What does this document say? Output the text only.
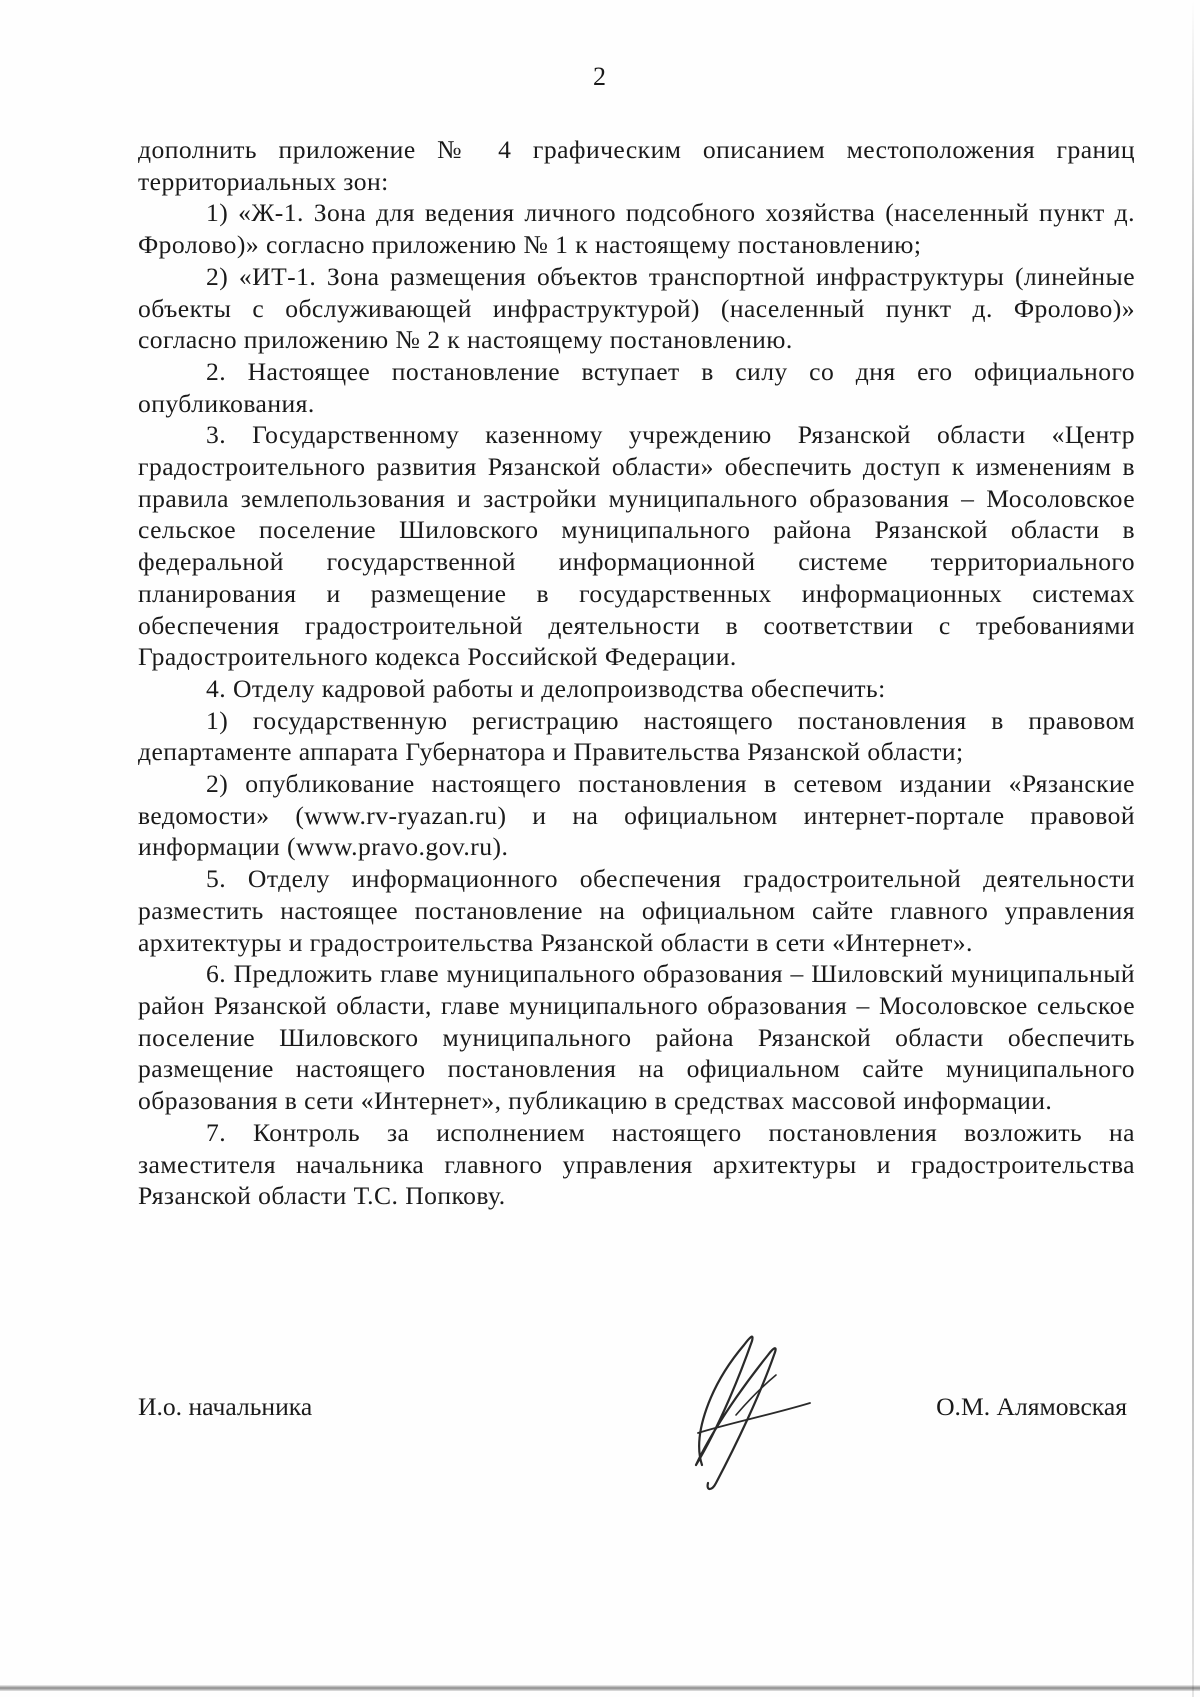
2

дополнить приложение № 4 графическим описанием местоположения границ территориальных зон:

1) «Ж-1. Зона для ведения личного подсобного хозяйства (населенный пункт д. Фролово)» согласно приложению № 1 к настоящему постановлению;

2) «ИТ-1. Зона размещения объектов транспортной инфраструктуры (линейные объекты с обслуживающей инфраструктурой) (населенный пункт д. Фролово)» согласно приложению № 2 к настоящему постановлению.

2. Настоящее постановление вступает в силу со дня его официального опубликования.

3. Государственному казенному учреждению Рязанской области «Центр градостроительного развития Рязанской области» обеспечить доступ к изменениям в правила землепользования и застройки муниципального образования – Мосоловское сельское поселение Шиловского муниципального района Рязанской области в федеральной государственной информационной системе территориального планирования и размещение в государственных информационных системах обеспечения градостроительной деятельности в соответствии с требованиями Градостроительного кодекса Российской Федерации.

4. Отделу кадровой работы и делопроизводства обеспечить:

1) государственную регистрацию настоящего постановления в правовом департаменте аппарата Губернатора и Правительства Рязанской области;

2) опубликование настоящего постановления в сетевом издании «Рязанские ведомости» (www.rv-ryazan.ru) и на официальном интернет-портале правовой информации (www.pravo.gov.ru).

5. Отделу информационного обеспечения градостроительной деятельности разместить настоящее постановление на официальном сайте главного управления архитектуры и градостроительства Рязанской области в сети «Интернет».

6. Предложить главе муниципального образования – Шиловский муниципальный район Рязанской области, главе муниципального образования – Мосоловское сельское поселение Шиловского муниципального района Рязанской области обеспечить размещение настоящего постановления на официальном сайте муниципального образования в сети «Интернет», публикацию в средствах массовой информации.

7. Контроль за исполнением настоящего постановления возложить на заместителя начальника главного управления архитектуры и градостроительства Рязанской области Т.С. Попкову.

И.о. начальника	О.М. Алямовская
